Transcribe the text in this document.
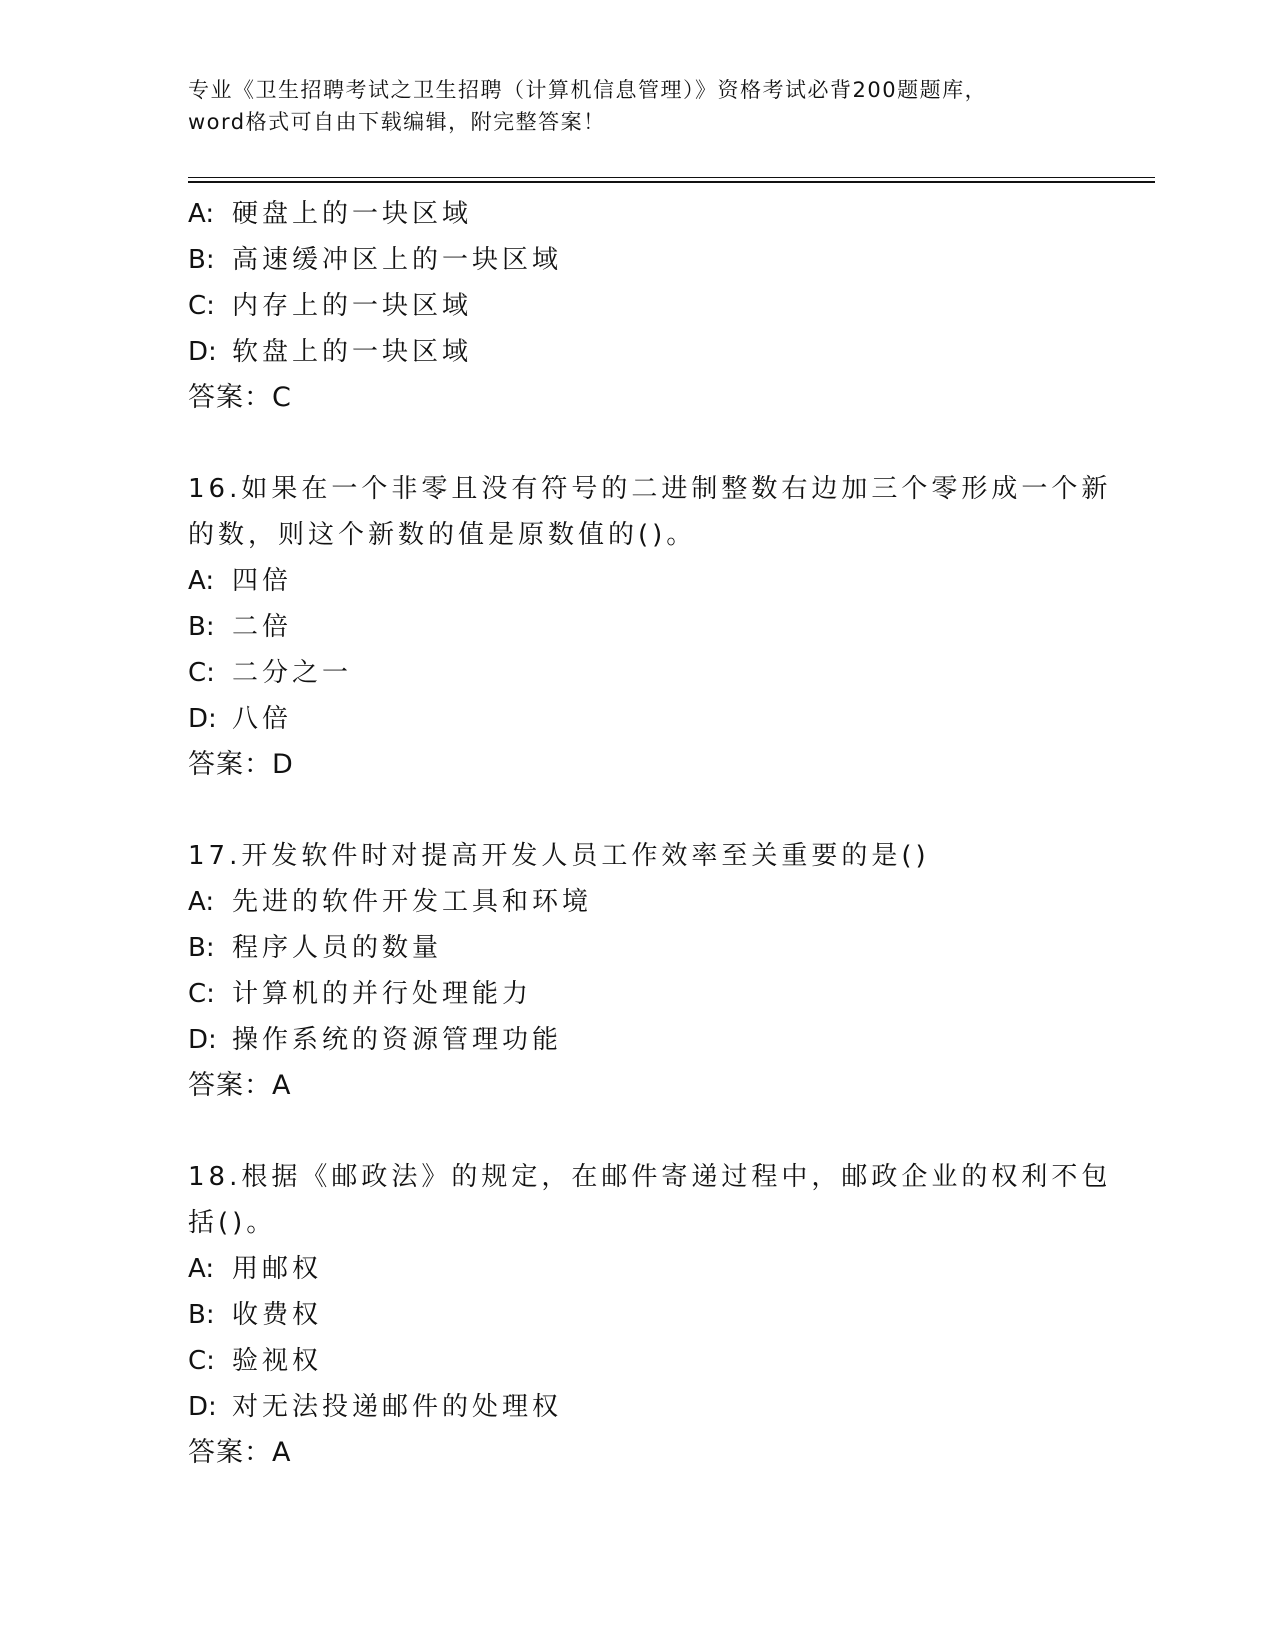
专业《卫生招聘考试之卫生招聘（计算机信息管理）》资格考试必背200题题库，
word格式可自由下载编辑，附完整答案！
A: 硬盘上的一块区域
B: 高速缓冲区上的一块区域
C: 内存上的一块区域
D: 软盘上的一块区域
答案：C
16.如果在一个非零且没有符号的二进制整数右边加三个零形成一个新
的数，则这个新数的值是原数值的()。
A: 四倍
B: 二倍
C: 二分之一
D: 八倍
答案：D
17.开发软件时对提高开发人员工作效率至关重要的是()
A: 先进的软件开发工具和环境
B: 程序人员的数量
C: 计算机的并行处理能力
D: 操作系统的资源管理功能
答案：A
18.根据《邮政法》的规定，在邮件寄递过程中，邮政企业的权利不包
括()。
A: 用邮权
B: 收费权
C: 验视权
D: 对无法投递邮件的处理权
答案：A
